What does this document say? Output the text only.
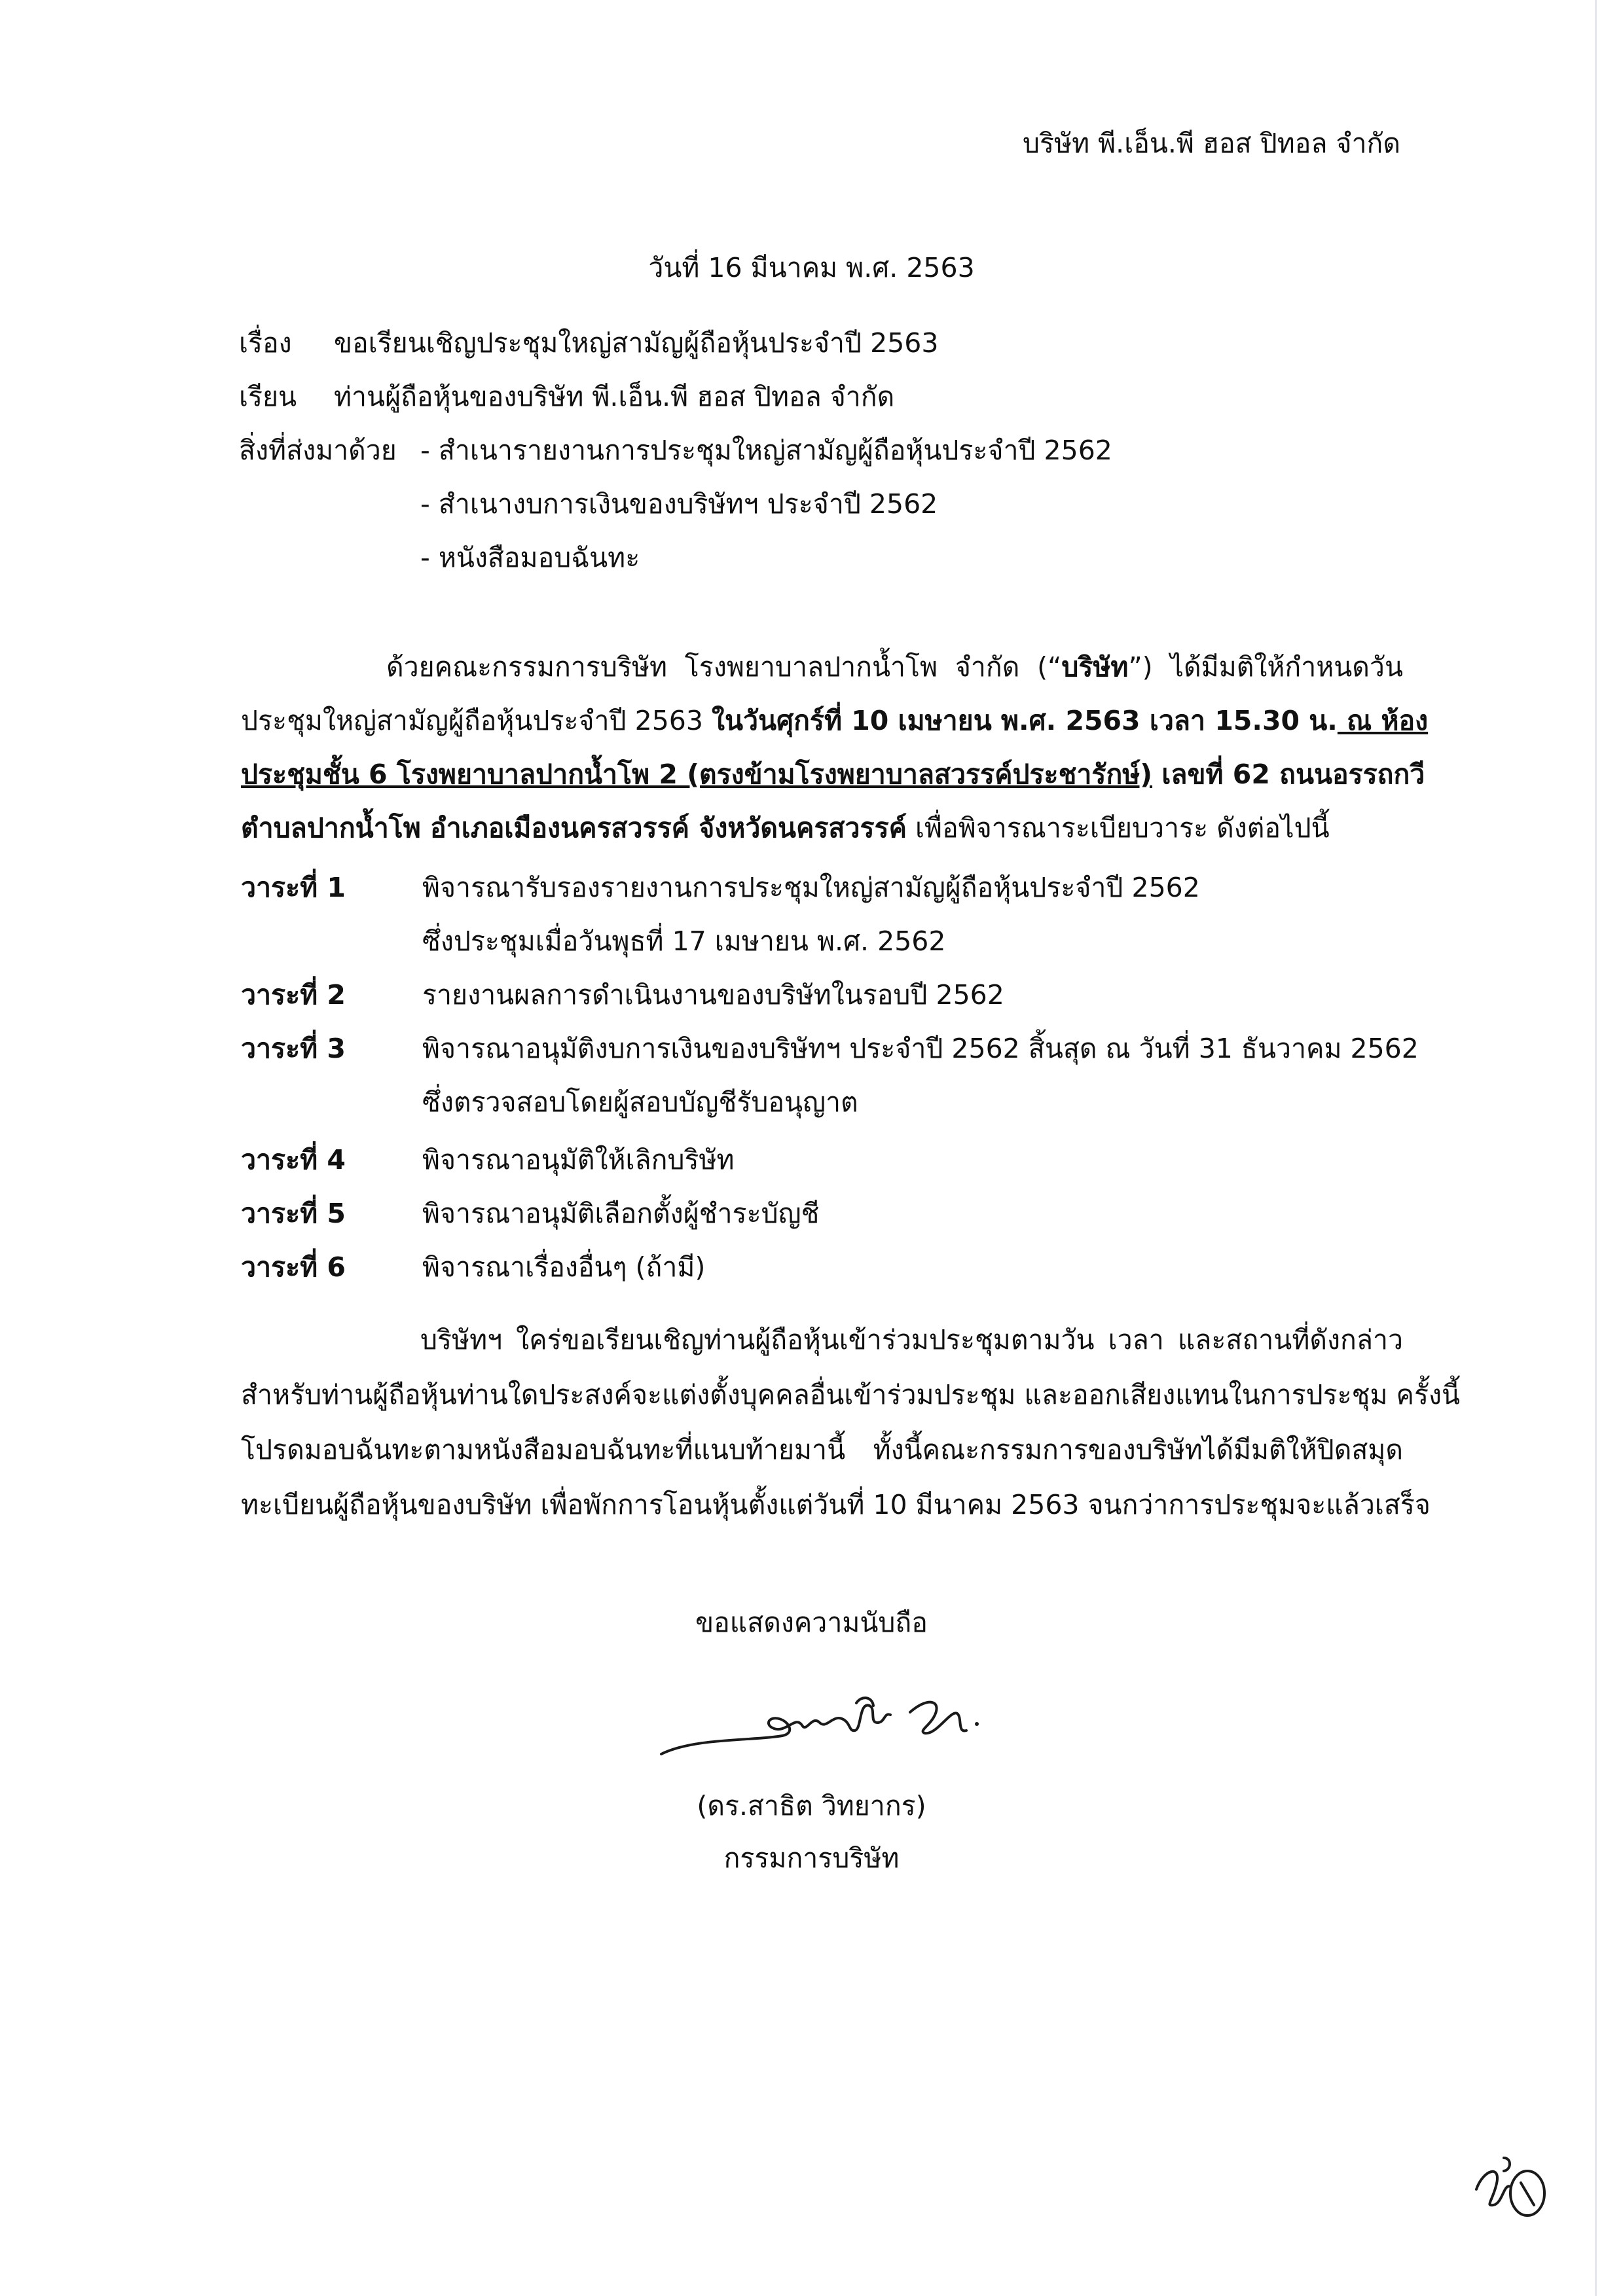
บริษัท พี.เอ็น.พี ฮอส ปิทอล จำกัด
วันที่ 16 มีนาคม พ.ศ. 2563
เรื่อง ขอเรียนเชิญประชุมใหญ่สามัญผู้ถือหุ้นประจำปี 2563
เรียน ท่านผู้ถือหุ้นของบริษัท พี.เอ็น.พี ฮอส ปิทอล จำกัด
สิ่งที่ส่งมาด้วย - สำเนารายงานการประชุมใหญ่สามัญผู้ถือหุ้นประจำปี 2562
- สำเนางบการเงินของบริษัทฯ ประจำปี 2562
- หนังสือมอบฉันทะ
ด้วยคณะกรรมการบริษัท โรงพยาบาลปากน้ำโพ จำกัด (“บริษัท”) ได้มีมติให้กำหนดวัน
ประชุมใหญ่สามัญผู้ถือหุ้นประจำปี 2563 ในวันศุกร์ที่ 10 เมษายน พ.ศ. 2563 เวลา 15.30 น. ณ ห้อง
ประชุมชั้น 6 โรงพยาบาลปากน้ำโพ 2 (ตรงข้ามโรงพยาบาลสวรรค์ประชารักษ์) เลขที่ 62 ถนนอรรถกวี
ตำบลปากน้ำโพ อำเภอเมืองนครสวรรค์ จังหวัดนครสวรรค์ เพื่อพิจารณาระเบียบวาระ ดังต่อไปนี้
วาระที่ 1	พิจารณารับรองรายงานการประชุมใหญ่สามัญผู้ถือหุ้นประจำปี 2562
ซึ่งประชุมเมื่อวันพุธที่ 17 เมษายน พ.ศ. 2562
วาระที่ 2	รายงานผลการดำเนินงานของบริษัทในรอบปี 2562
วาระที่ 3	พิจารณาอนุมัติงบการเงินของบริษัทฯ ประจำปี 2562 สิ้นสุด ณ วันที่ 31 ธันวาคม 2562
ซึ่งตรวจสอบโดยผู้สอบบัญชีรับอนุญาต
วาระที่ 4	พิจารณาอนุมัติให้เลิกบริษัท
วาระที่ 5	พิจารณาอนุมัติเลือกตั้งผู้ชำระบัญชี
วาระที่ 6	พิจารณาเรื่องอื่นๆ (ถ้ามี)
บริษัทฯ ใคร่ขอเรียนเชิญท่านผู้ถือหุ้นเข้าร่วมประชุมตามวัน เวลา และสถานที่ดังกล่าว
สำหรับท่านผู้ถือหุ้นท่านใดประสงค์จะแต่งตั้งบุคคลอื่นเข้าร่วมประชุม และออกเสียงแทนในการประชุม ครั้งนี้
โปรดมอบฉันทะตามหนังสือมอบฉันทะที่แนบท้ายมานี้ ทั้งนี้คณะกรรมการของบริษัทได้มีมติให้ปิดสมุด
ทะเบียนผู้ถือหุ้นของบริษัท เพื่อพักการโอนหุ้นตั้งแต่วันที่ 10 มีนาคม 2563 จนกว่าการประชุมจะแล้วเสร็จ
ขอแสดงความนับถือ
(ดร.สาธิต วิทยากร)
กรรมการบริษัท
